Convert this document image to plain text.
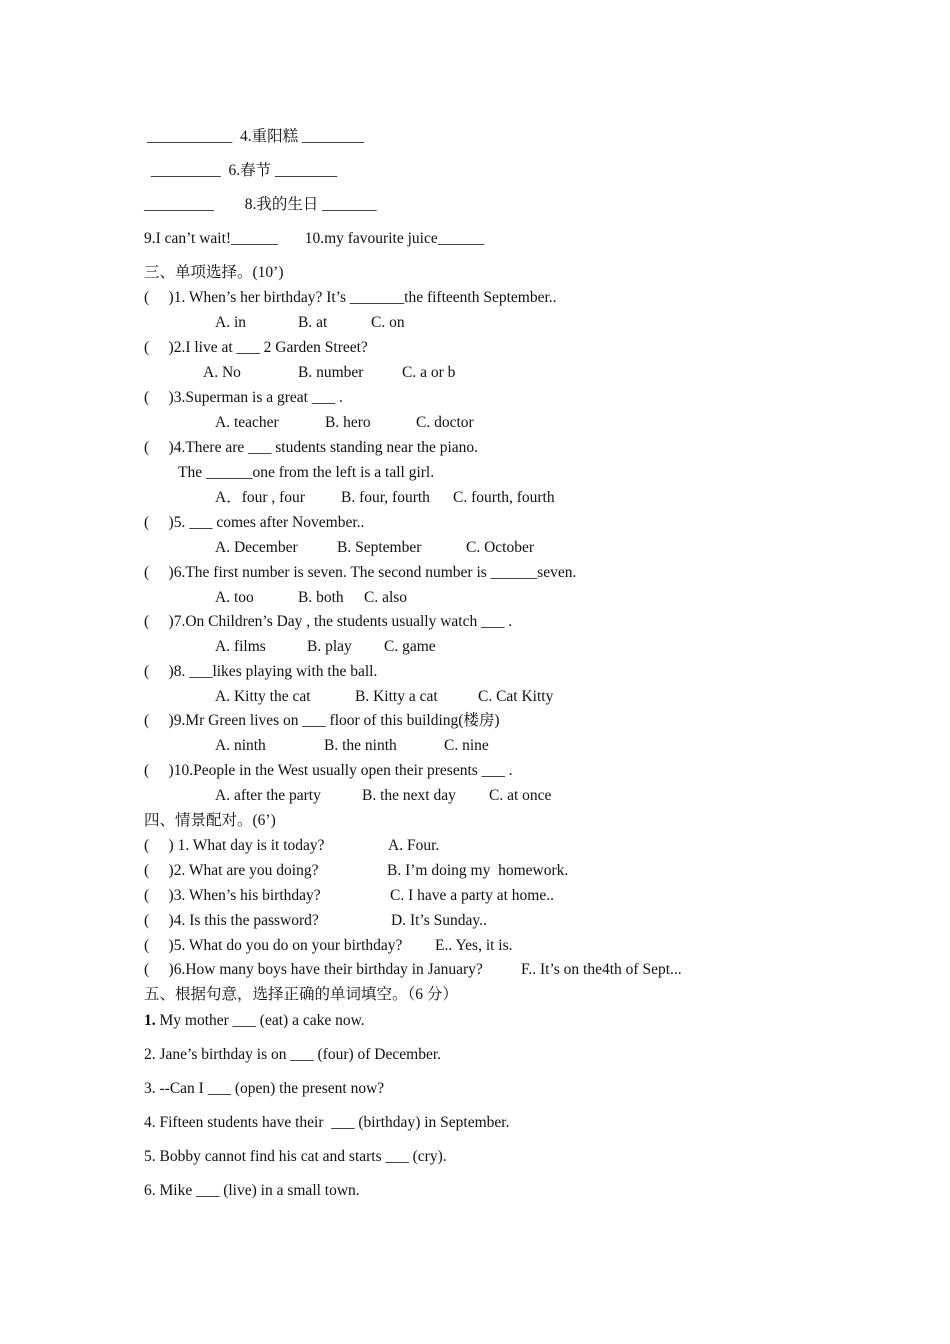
___________  4.重阳糕 ________
_________  6.春节 ________
_________        8.我的生日 _______
9.I can’t wait!______       10.my favourite juice______
三、单项选择。(10’)
(     )1. When’s her birthday? It’s _______the fifteenth September..
A. in	B. at	C. on
(     )2.I live at ___ 2 Garden Street?
A. No	B. number C. a or b
(     )3.Superman is a great ___ .
A. teacher	B. hero	C. doctor
(     )4.There are ___ students standing near the piano.
The ______one from the left is a tall girl.
A．four , four B. four, fourth C. fourth, fourth
(     )5. ___ comes after November..
A. December	B. September	C. October
(     )6.The first number is seven. The second number is ______seven.
A. too	B. both C. also
(     )7.On Children’s Day , the students usually watch ___ .
A. films	B. play C. game
(     )8. ___likes playing with the ball.
A. Kitty the cat	B. Kitty a cat	C. Cat Kitty
(     )9.Mr Green lives on ___ floor of this building(楼房)
A. ninth	B. the ninth	C. nine
(     )10.People in the West usually open their presents ___ .
A. after the party	B. the next day C. at once
四、情景配对。(6’)
(     ) 1. What day is it today?	A. Four.
(     )2. What are you doing?	B. I’m doing my  homework.
(     )3. When’s his birthday?	C. I have a party at home..
(     )4. Is this the password?	D. It’s Sunday..
(     )5. What do you do on your birthday? E.. Yes, it is.
(     )6.How many boys have their birthday in January? F.. It’s on the4th of Sept...
五、根据句意，选择正确的单词填空。（6 分）
1. My mother ___ (eat) a cake now.
2. Jane’s birthday is on ___ (four) of December.
3. --Can I ___ (open) the present now?
4. Fifteen students have their  ___ (birthday) in September.
5. Bobby cannot find his cat and starts ___ (cry).
6. Mike ___ (live) in a small town.
